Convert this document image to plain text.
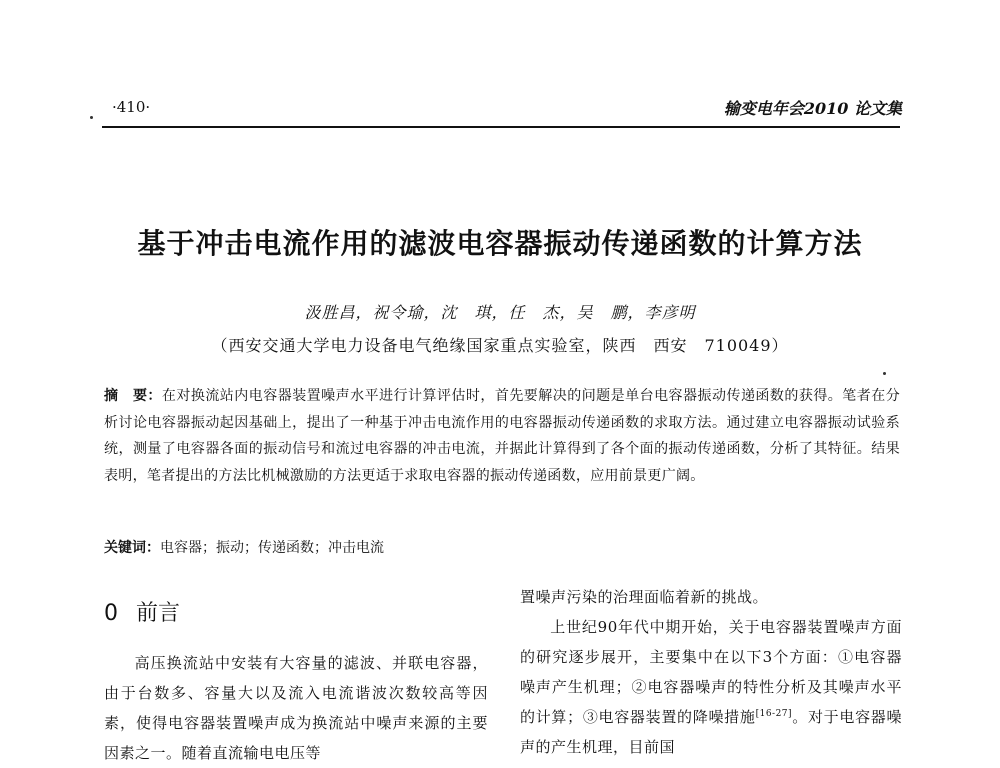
·410·	输变电年会2010 论文集
基于冲击电流作用的滤波电容器振动传递函数的计算方法
汲胜昌，祝令瑜，沈　琪，任　杰，吴　鹏，李彦明
（西安交通大学电力设备电气绝缘国家重点实验室，陕西　西安　710049）
摘　要：在对换流站内电容器装置噪声水平进行计算评估时，首先要解决的问题是单台电容器振动传递函数的获得。笔者在分析讨论电容器振动起因基础上，提出了一种基于冲击电流作用的电容器振动传递函数的求取方法。通过建立电容器振动试验系统，测量了电容器各面的振动信号和流过电容器的冲击电流，并据此计算得到了各个面的振动传递函数，分析了其特征。结果表明，笔者提出的方法比机械激励的方法更适于求取电容器的振动传递函数，应用前景更广阔。
关键词：电容器；振动；传递函数；冲击电流
0 前言
高压换流站中安装有大容量的滤波、并联电容器，由于台数多、容量大以及流入电流谐波次数较高等因素，使得电容器装置噪声成为换流站中噪声来源的主要因素之一。随着直流输电电压等
置噪声污染的治理面临着新的挑战。
上世纪90年代中期开始，关于电容器装置噪声方面的研究逐步展开，主要集中在以下3个方面：①电容器噪声产生机理；②电容器噪声的特性分析及其噪声水平的计算；③电容器装置的降噪措施[16-27]。对于电容器噪声的产生机理，目前国
